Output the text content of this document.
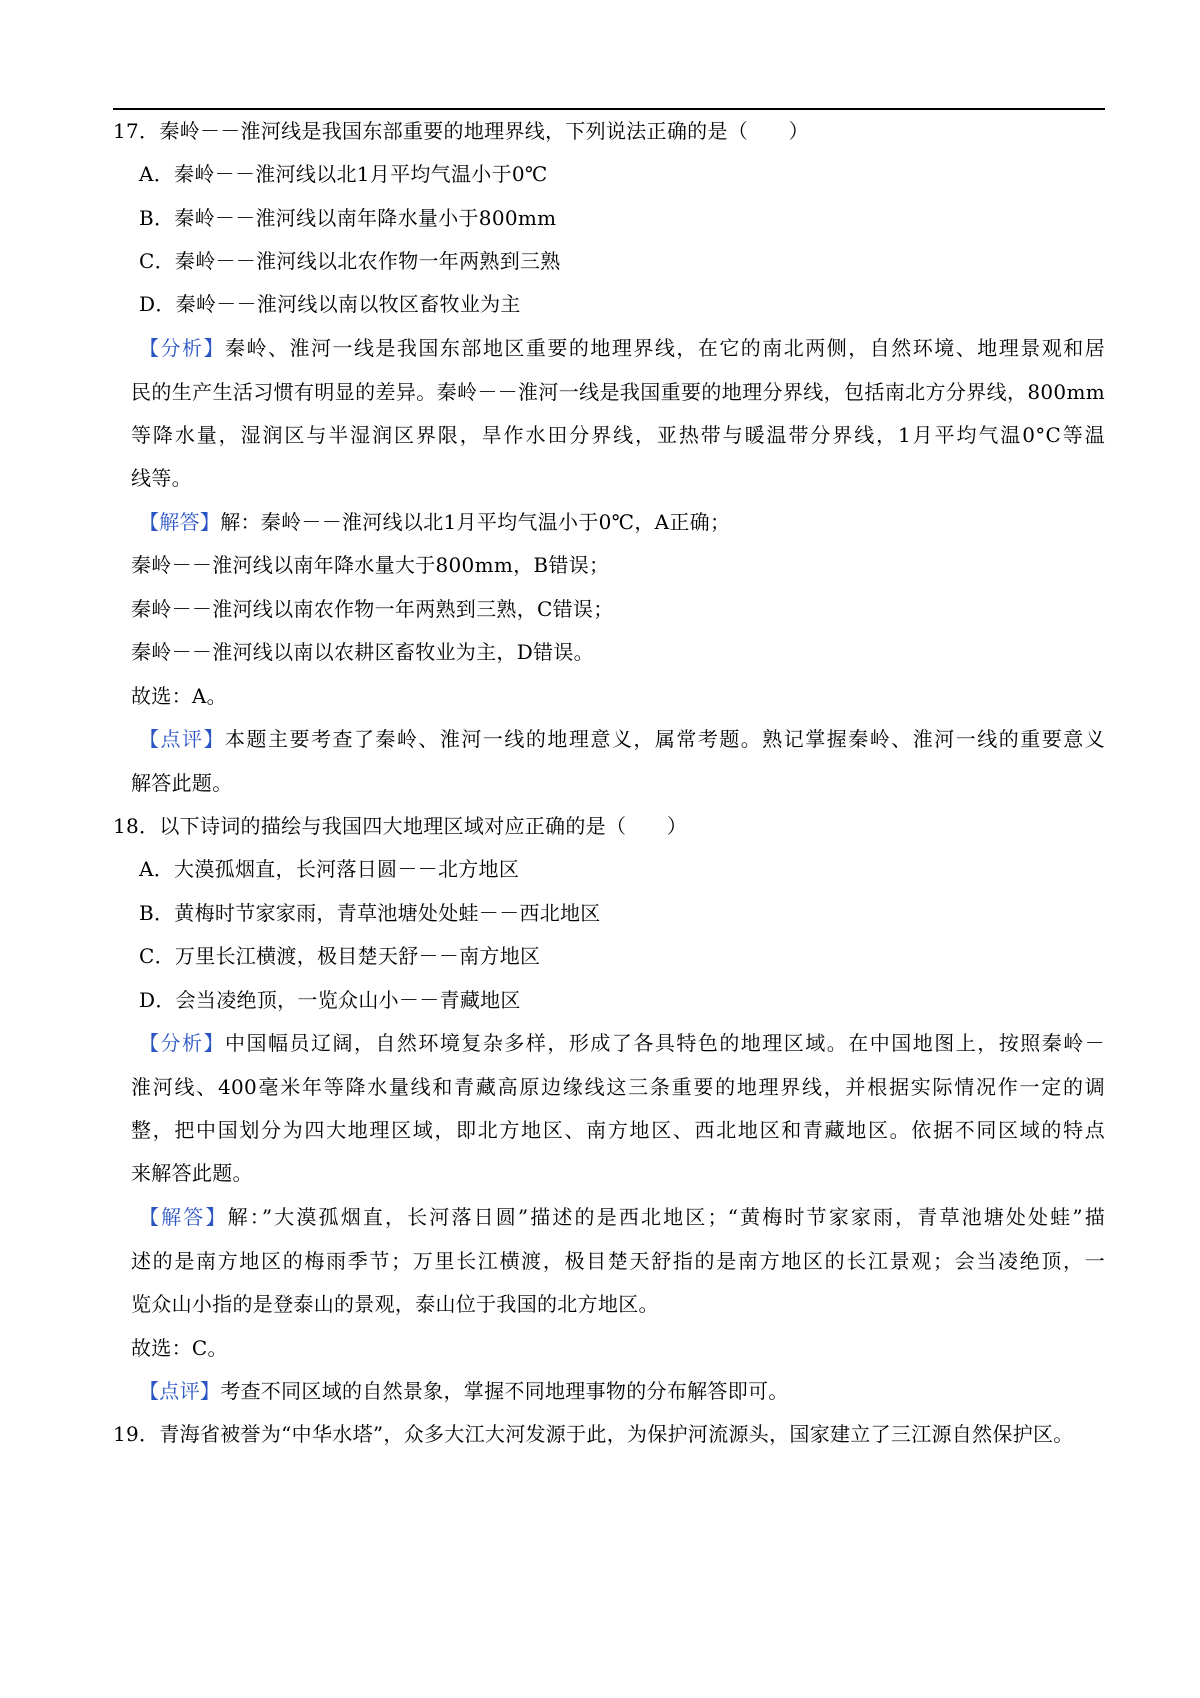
17．秦岭－－淮河线是我国东部重要的地理界线，下列说法正确的是（　　）
A．秦岭－－淮河线以北1月平均气温小于0℃
B．秦岭－－淮河线以南年降水量小于800mm
C．秦岭－－淮河线以北农作物一年两熟到三熟
D．秦岭－－淮河线以南以牧区畜牧业为主
【分析】秦岭、淮河一线是我国东部地区重要的地理界线，在它的南北两侧，自然环境、地理景观和居
民的生产生活习惯有明显的差异。秦岭－－淮河一线是我国重要的地理分界线，包括南北方分界线，800mm
等降水量，湿润区与半湿润区界限，旱作水田分界线，亚热带与暖温带分界线，1月平均气温0°C等温
线等。
【解答】解：秦岭－－淮河线以北1月平均气温小于0℃，A正确；
秦岭－－淮河线以南年降水量大于800mm，B错误；
秦岭－－淮河线以南农作物一年两熟到三熟，C错误；
秦岭－－淮河线以南以农耕区畜牧业为主，D错误。
故选：A。
【点评】本题主要考查了秦岭、淮河一线的地理意义，属常考题。熟记掌握秦岭、淮河一线的重要意义
解答此题。
18．以下诗词的描绘与我国四大地理区域对应正确的是（　　）
A．大漠孤烟直，长河落日圆－－北方地区
B．黄梅时节家家雨，青草池塘处处蛙－－西北地区
C．万里长江横渡，极目楚天舒－－南方地区
D．会当凌绝顶，一览众山小－－青藏地区
【分析】中国幅员辽阔，自然环境复杂多样，形成了各具特色的地理区域。在中国地图上，按照秦岭－
淮河线、400毫米年等降水量线和青藏高原边缘线这三条重要的地理界线，并根据实际情况作一定的调
整，把中国划分为四大地理区域，即北方地区、南方地区、西北地区和青藏地区。依据不同区域的特点
来解答此题。
【解答】解：”大漠孤烟直，长河落日圆”描述的是西北地区；“黄梅时节家家雨，青草池塘处处蛙”描
述的是南方地区的梅雨季节；万里长江横渡，极目楚天舒指的是南方地区的长江景观；会当凌绝顶，一
览众山小指的是登泰山的景观，泰山位于我国的北方地区。
故选：C。
【点评】考查不同区域的自然景象，掌握不同地理事物的分布解答即可。
19．青海省被誉为“中华水塔”，众多大江大河发源于此，为保护河流源头，国家建立了三江源自然保护区。
